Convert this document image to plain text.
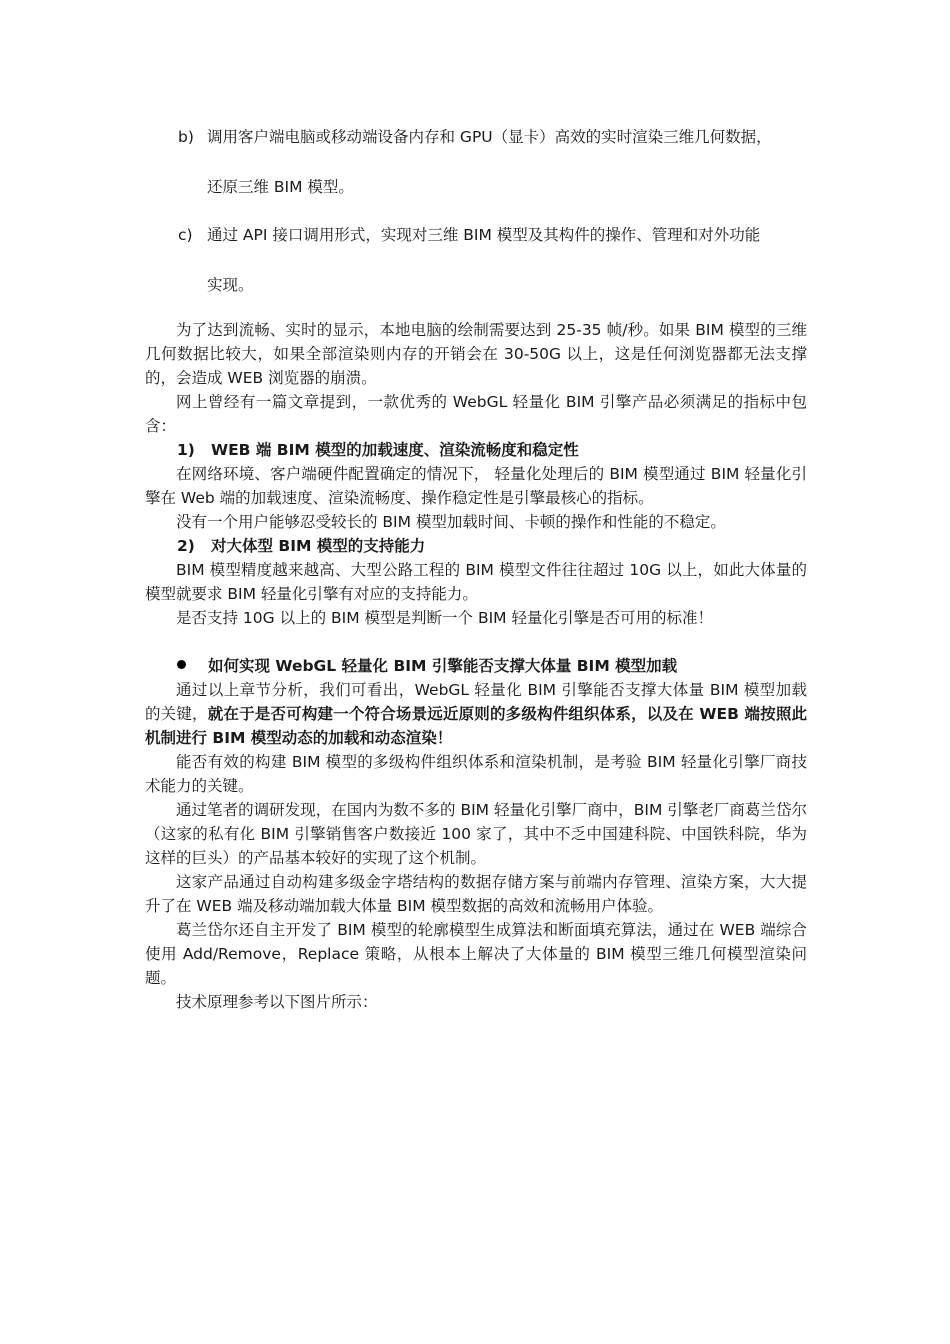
b) 调用客户端电脑或移动端设备内存和 GPU（显卡）高效的实时渲染三维几何数据，
还原三维 BIM 模型。
c) 通过 API 接口调用形式，实现对三维 BIM 模型及其构件的操作、管理和对外功能
实现。

为了达到流畅、实时的显示，本地电脑的绘制需要达到 25-35 帧/秒。如果 BIM 模型的三维几何数据比较大，如果全部渲染则内存的开销会在 30-50G 以上，这是任何浏览器都无法支撑的，会造成 WEB 浏览器的崩溃。

网上曾经有一篇文章提到，一款优秀的 WebGL 轻量化 BIM 引擎产品必须满足的指标中包含：

1) WEB 端 BIM 模型的加载速度、渲染流畅度和稳定性

在网络环境、客户端硬件配置确定的情况下， 轻量化处理后的 BIM 模型通过 BIM 轻量化引擎在 Web 端的加载速度、渲染流畅度、操作稳定性是引擎最核心的指标。

没有一个用户能够忍受较长的 BIM 模型加载时间、卡顿的操作和性能的不稳定。

2) 对大体型 BIM 模型的支持能力

BIM 模型精度越来越高、大型公路工程的 BIM 模型文件往往超过 10G 以上，如此大体量的模型就要求 BIM 轻量化引擎有对应的支持能力。

是否支持 10G 以上的 BIM 模型是判断一个 BIM 轻量化引擎是否可用的标准！

如何实现 WebGL 轻量化 BIM 引擎能否支撑大体量 BIM 模型加载

通过以上章节分析，我们可看出，WebGL 轻量化 BIM 引擎能否支撑大体量 BIM 模型加载的关键，就在于是否可构建一个符合场景远近原则的多级构件组织体系，以及在 WEB 端按照此机制进行 BIM 模型动态的加载和动态渲染！

能否有效的构建 BIM 模型的多级构件组织体系和渲染机制，是考验 BIM 轻量化引擎厂商技术能力的关键。

通过笔者的调研发现，在国内为数不多的 BIM 轻量化引擎厂商中，BIM 引擎老厂商葛兰岱尔（这家的私有化 BIM 引擎销售客户数接近 100 家了，其中不乏中国建科院、中国铁科院，华为这样的巨头）的产品基本较好的实现了这个机制。

这家产品通过自动构建多级金字塔结构的数据存储方案与前端内存管理、渲染方案，大大提升了在 WEB 端及移动端加载大体量 BIM 模型数据的高效和流畅用户体验。

葛兰岱尔还自主开发了 BIM 模型的轮廓模型生成算法和断面填充算法，通过在 WEB 端综合使用 Add/Remove，Replace 策略，从根本上解决了大体量的 BIM 模型三维几何模型渲染问题。

技术原理参考以下图片所示：
